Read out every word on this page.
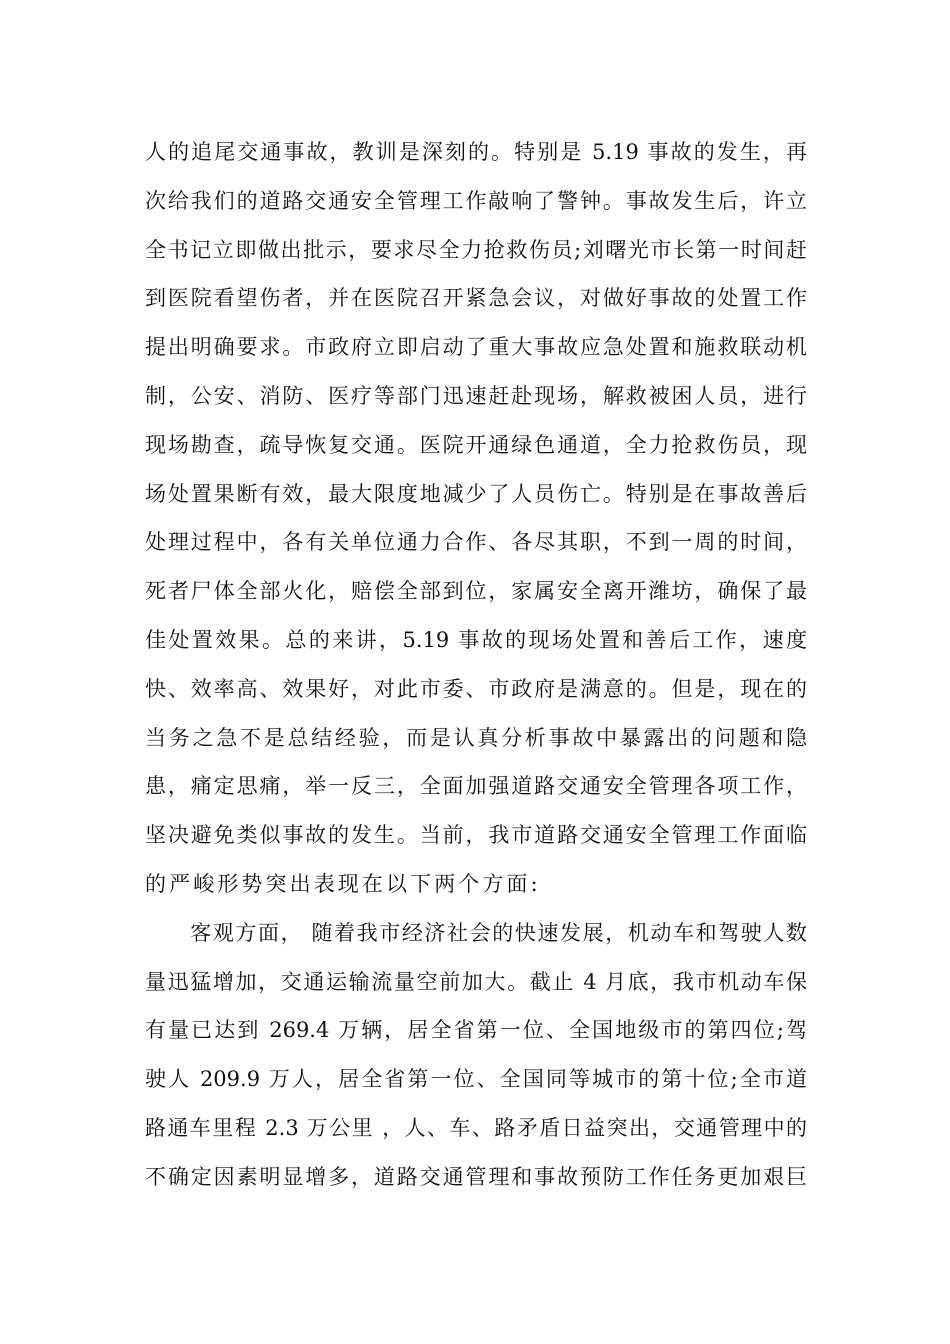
人的追尾交通事故，教训是深刻的。特别是 5.19 事故的发生，再
次给我们的道路交通安全管理工作敲响了警钟。事故发生后，许立
全书记立即做出批示，要求尽全力抢救伤员;刘曙光市长第一时间赶
到医院看望伤者，并在医院召开紧急会议，对做好事故的处置工作
提出明确要求。市政府立即启动了重大事故应急处置和施救联动机
制，公安、消防、医疗等部门迅速赶赴现场，解救被困人员，进行
现场勘查，疏导恢复交通。医院开通绿色通道，全力抢救伤员，现
场处置果断有效，最大限度地减少了人员伤亡。特别是在事故善后
处理过程中，各有关单位通力合作、各尽其职，不到一周的时间，
死者尸体全部火化，赔偿全部到位，家属安全离开潍坊，确保了最
佳处置效果。总的来讲，5.19 事故的现场处置和善后工作，速度
快、效率高、效果好，对此市委、市政府是满意的。但是，现在的
当务之急不是总结经验，而是认真分析事故中暴露出的问题和隐
患，痛定思痛，举一反三，全面加强道路交通安全管理各项工作，
坚决避免类似事故的发生。当前，我市道路交通安全管理工作面临
的严峻形势突出表现在以下两个方面:
　　客观方面， 随着我市经济社会的快速发展，机动车和驾驶人数
量迅猛增加，交通运输流量空前加大。截止 4 月底，我市机动车保
有量已达到 269.4 万辆，居全省第一位、全国地级市的第四位;驾
驶人 209.9 万人，居全省第一位、全国同等城市的第十位;全市道
路通车里程 2.3 万公里 ，人、车、路矛盾日益突出，交通管理中的
不确定因素明显增多，道路交通管理和事故预防工作任务更加艰巨
